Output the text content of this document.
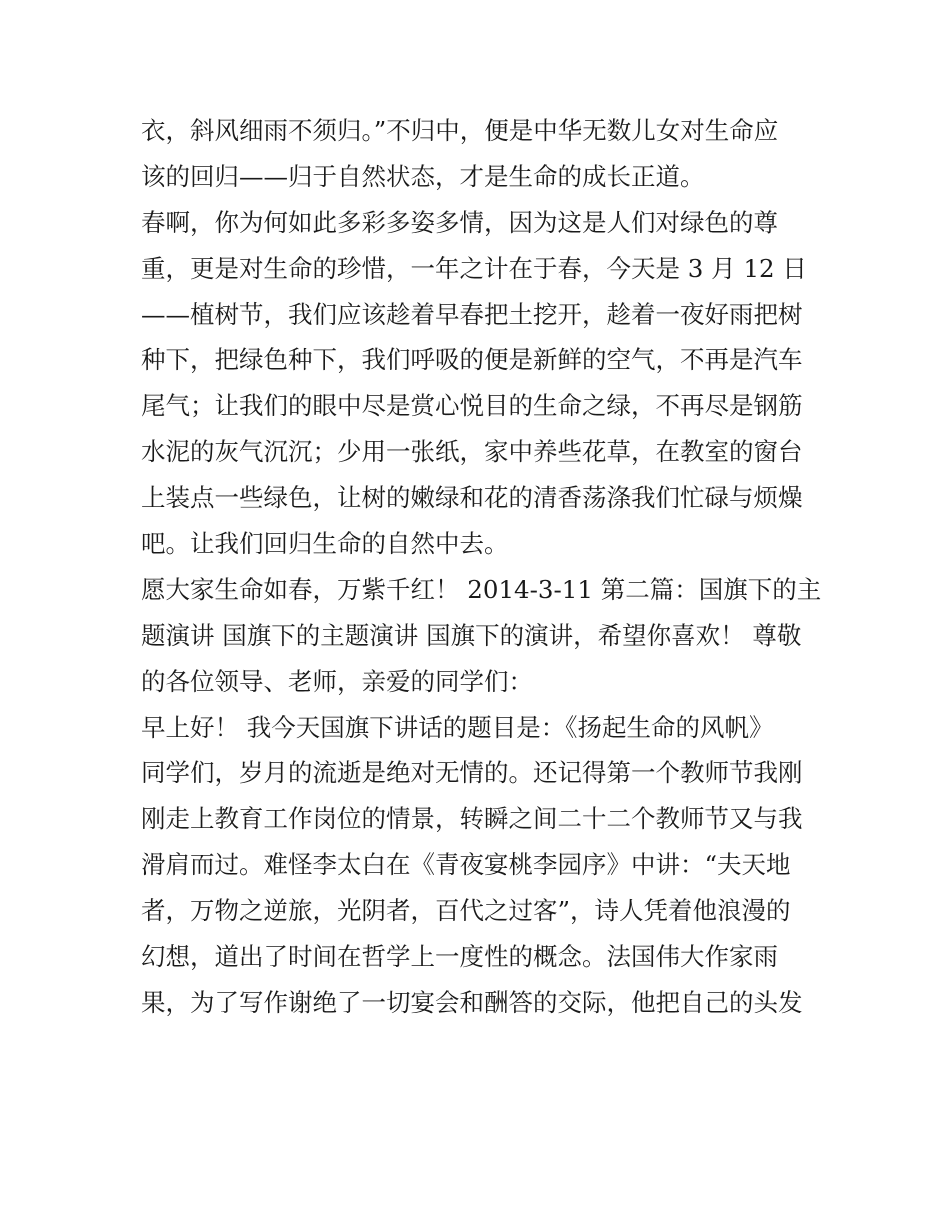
衣，斜风细雨不须归。”不归中，便是中华无数儿女对生命应
该的回归——归于自然状态，才是生命的成长正道。
春啊，你为何如此多彩多姿多情，因为这是人们对绿色的尊
重，更是对生命的珍惜，一年之计在于春，今天是 3 月 12 日
——植树节，我们应该趁着早春把土挖开，趁着一夜好雨把树
种下，把绿色种下，我们呼吸的便是新鲜的空气，不再是汽车
尾气；让我们的眼中尽是赏心悦目的生命之绿，不再尽是钢筋
水泥的灰气沉沉；少用一张纸，家中养些花草，在教室的窗台
上装点一些绿色，让树的嫩绿和花的清香荡涤我们忙碌与烦燥
吧。让我们回归生命的自然中去。
愿大家生命如春，万紫千红！ 2014-3-11 第二篇：国旗下的主
题演讲 国旗下的主题演讲 国旗下的演讲，希望你喜欢！ 尊敬
的各位领导、老师，亲爱的同学们：
早上好！ 我今天国旗下讲话的题目是：《扬起生命的风帆》
同学们，岁月的流逝是绝对无情的。还记得第一个教师节我刚
刚走上教育工作岗位的情景，转瞬之间二十二个教师节又与我
滑肩而过。难怪李太白在《青夜宴桃李园序》中讲：“夫天地
者，万物之逆旅，光阴者，百代之过客”，诗人凭着他浪漫的
幻想，道出了时间在哲学上一度性的概念。法国伟大作家雨
果，为了写作谢绝了一切宴会和酬答的交际，他把自己的头发
